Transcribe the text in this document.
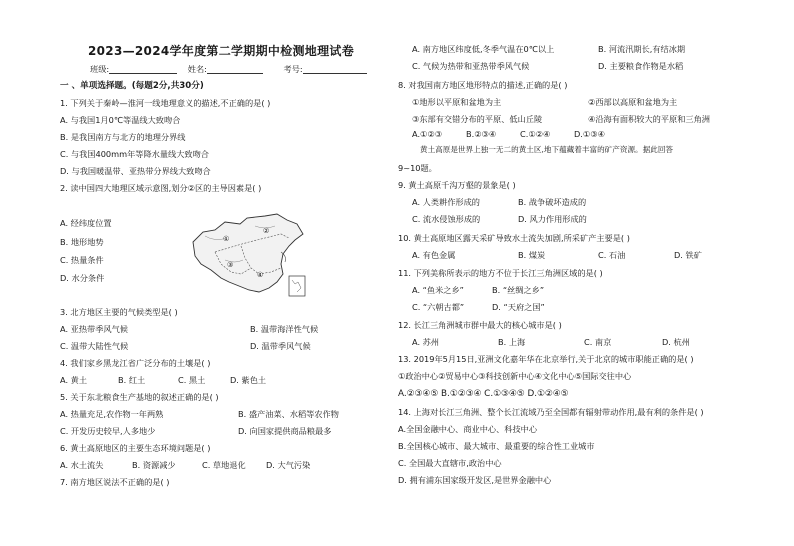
2023—2024学年度第二学期期中检测地理试卷
班级:	姓名:	考号:
一 、单项选择题。(每题2分,共30分)
1. 下列关于秦岭—淮河一线地理意义的描述,不正确的是( )
A. 与我国1月0℃等温线大致吻合
B. 是我国南方与北方的地理分界线
C. 与我国400mm年等降水量线大致吻合
D. 与我国暖温带、亚热带分界线大致吻合
2. 读中国四大地理区域示意图,划分②区的主导因素是( )
A. 经纬度位置
B. 地形地势
C. 热量条件
D. 水分条件
3. 北方地区主要的气候类型是( )
A. 亚热带季风气候	B. 温带海洋性气候
C. 温带大陆性气候	D. 温带季风气候
4. 我们家乡黑龙江省广泛分布的土壤是( )
A. 黄土	B. 红土	C. 黑土	D. 紫色土
5. 关于东北粮食生产基地的叙述正确的是( )
A. 热量充足,农作物一年两熟	B. 盛产油菜、水稻等农作物
C. 开发历史较早,人多地少	D. 向国家提供商品粮最多
6. 黄土高原地区的主要生态环境问题是( )
A. 水土流失	B. 资源减少	C. 草地退化 D. 大气污染
7. 南方地区说法不正确的是( )
①
②
③
④
A. 南方地区纬度低,冬季气温在0℃以上	B. 河流汛期长,有结冰期
C. 气候为热带和亚热带季风气候	D. 主要粮食作物是水稻
8. 对我国南方地区地形特点的描述,正确的是( )
①地形以平原和盆地为主	②西部以高原和盆地为主
③东部有交错分布的平原、低山丘陵	④沿海有面积较大的平原和三角洲
A.①②③	B.②③④	C.①②④	D.①③④
黄土高原是世界上独一无二的黄土区,地下蕴藏着丰富的矿产资源。据此回答
9~10题。
9. 黄土高原千沟万壑的景象是( )
A. 人类耕作形成的	B. 战争破坏造成的
C. 流水侵蚀形成的	D. 风力作用形成的
10. 黄土高原地区露天采矿导致水土流失加剧,所采矿产主要是( )
A. 有色金属	B. 煤炭	C. 石油	D. 铁矿
11. 下列美称所表示的地方不位于长江三角洲区域的是( )
A. “鱼米之乡”	B. “丝绸之乡”
C. “六朝古都”	D. “天府之国”
12. 长江三角洲城市群中最大的核心城市是( )
A. 苏州	B. 上海	C. 南京	D. 杭州
13. 2019年5月15日,亚洲文化嘉年华在北京举行,关于北京的城市职能正确的是( )
①政治中心②贸易中心③科技创新中心④文化中心⑤国际交往中心
A.②③④⑤ B.①②③④ C.①③④⑤ D.①②④⑤
14. 上海对长江三角洲、整个长江流域乃至全国都有辐射带动作用,最有利的条件是( )
A.全国金融中心、商业中心、科技中心
B.全国核心城市、最大城市、最重要的综合性工业城市
C. 全国最大直辖市,政治中心
D. 拥有浦东国家级开发区,是世界金融中心
